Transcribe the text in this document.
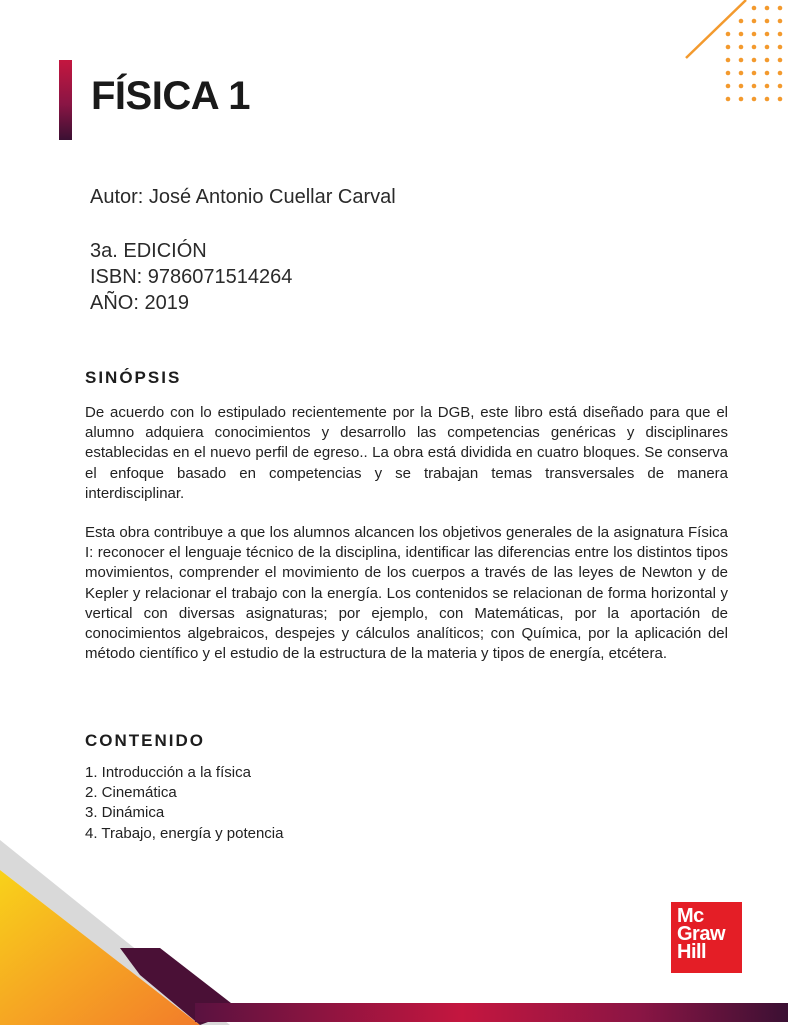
FÍSICA 1
Autor: José Antonio Cuellar Carval
3a. EDICIÓN
ISBN: 9786071514264
AÑO: 2019
SINÓPSIS

De acuerdo con lo estipulado recientemente por la DGB, este libro está diseñado para que el alumno adquiera conocimientos y desarrollo las competencias genéricas y disciplinares establecidas en el nuevo perfil de egreso.. La obra está dividida en cuatro bloques. Se conserva el enfoque basado en competencias y se trabajan temas transversales de manera interdisciplinar.

Esta obra contribuye a que los alumnos alcancen los objetivos generales de la asignatura Física I: reconocer el lenguaje técnico de la disciplina, identificar las diferencias entre los distintos tipos movimientos, comprender el movimiento de los cuerpos a través de las leyes de Newton y de Kepler y relacionar el trabajo con la energía. Los contenidos se relacionan de forma horizontal y vertical con diversas asignaturas; por ejemplo, con Matemáticas, por la aportación de conocimientos algebraicos, despejes y cálculos analíticos; con Química, por la aplicación del método científico y el estudio de la estructura de la materia y tipos de energía, etcétera.

CONTENIDO
1. Introducción a la física
2. Cinemática
3. Dinámica
4. Trabajo, energía y potencia
Mc
Graw
Hill
